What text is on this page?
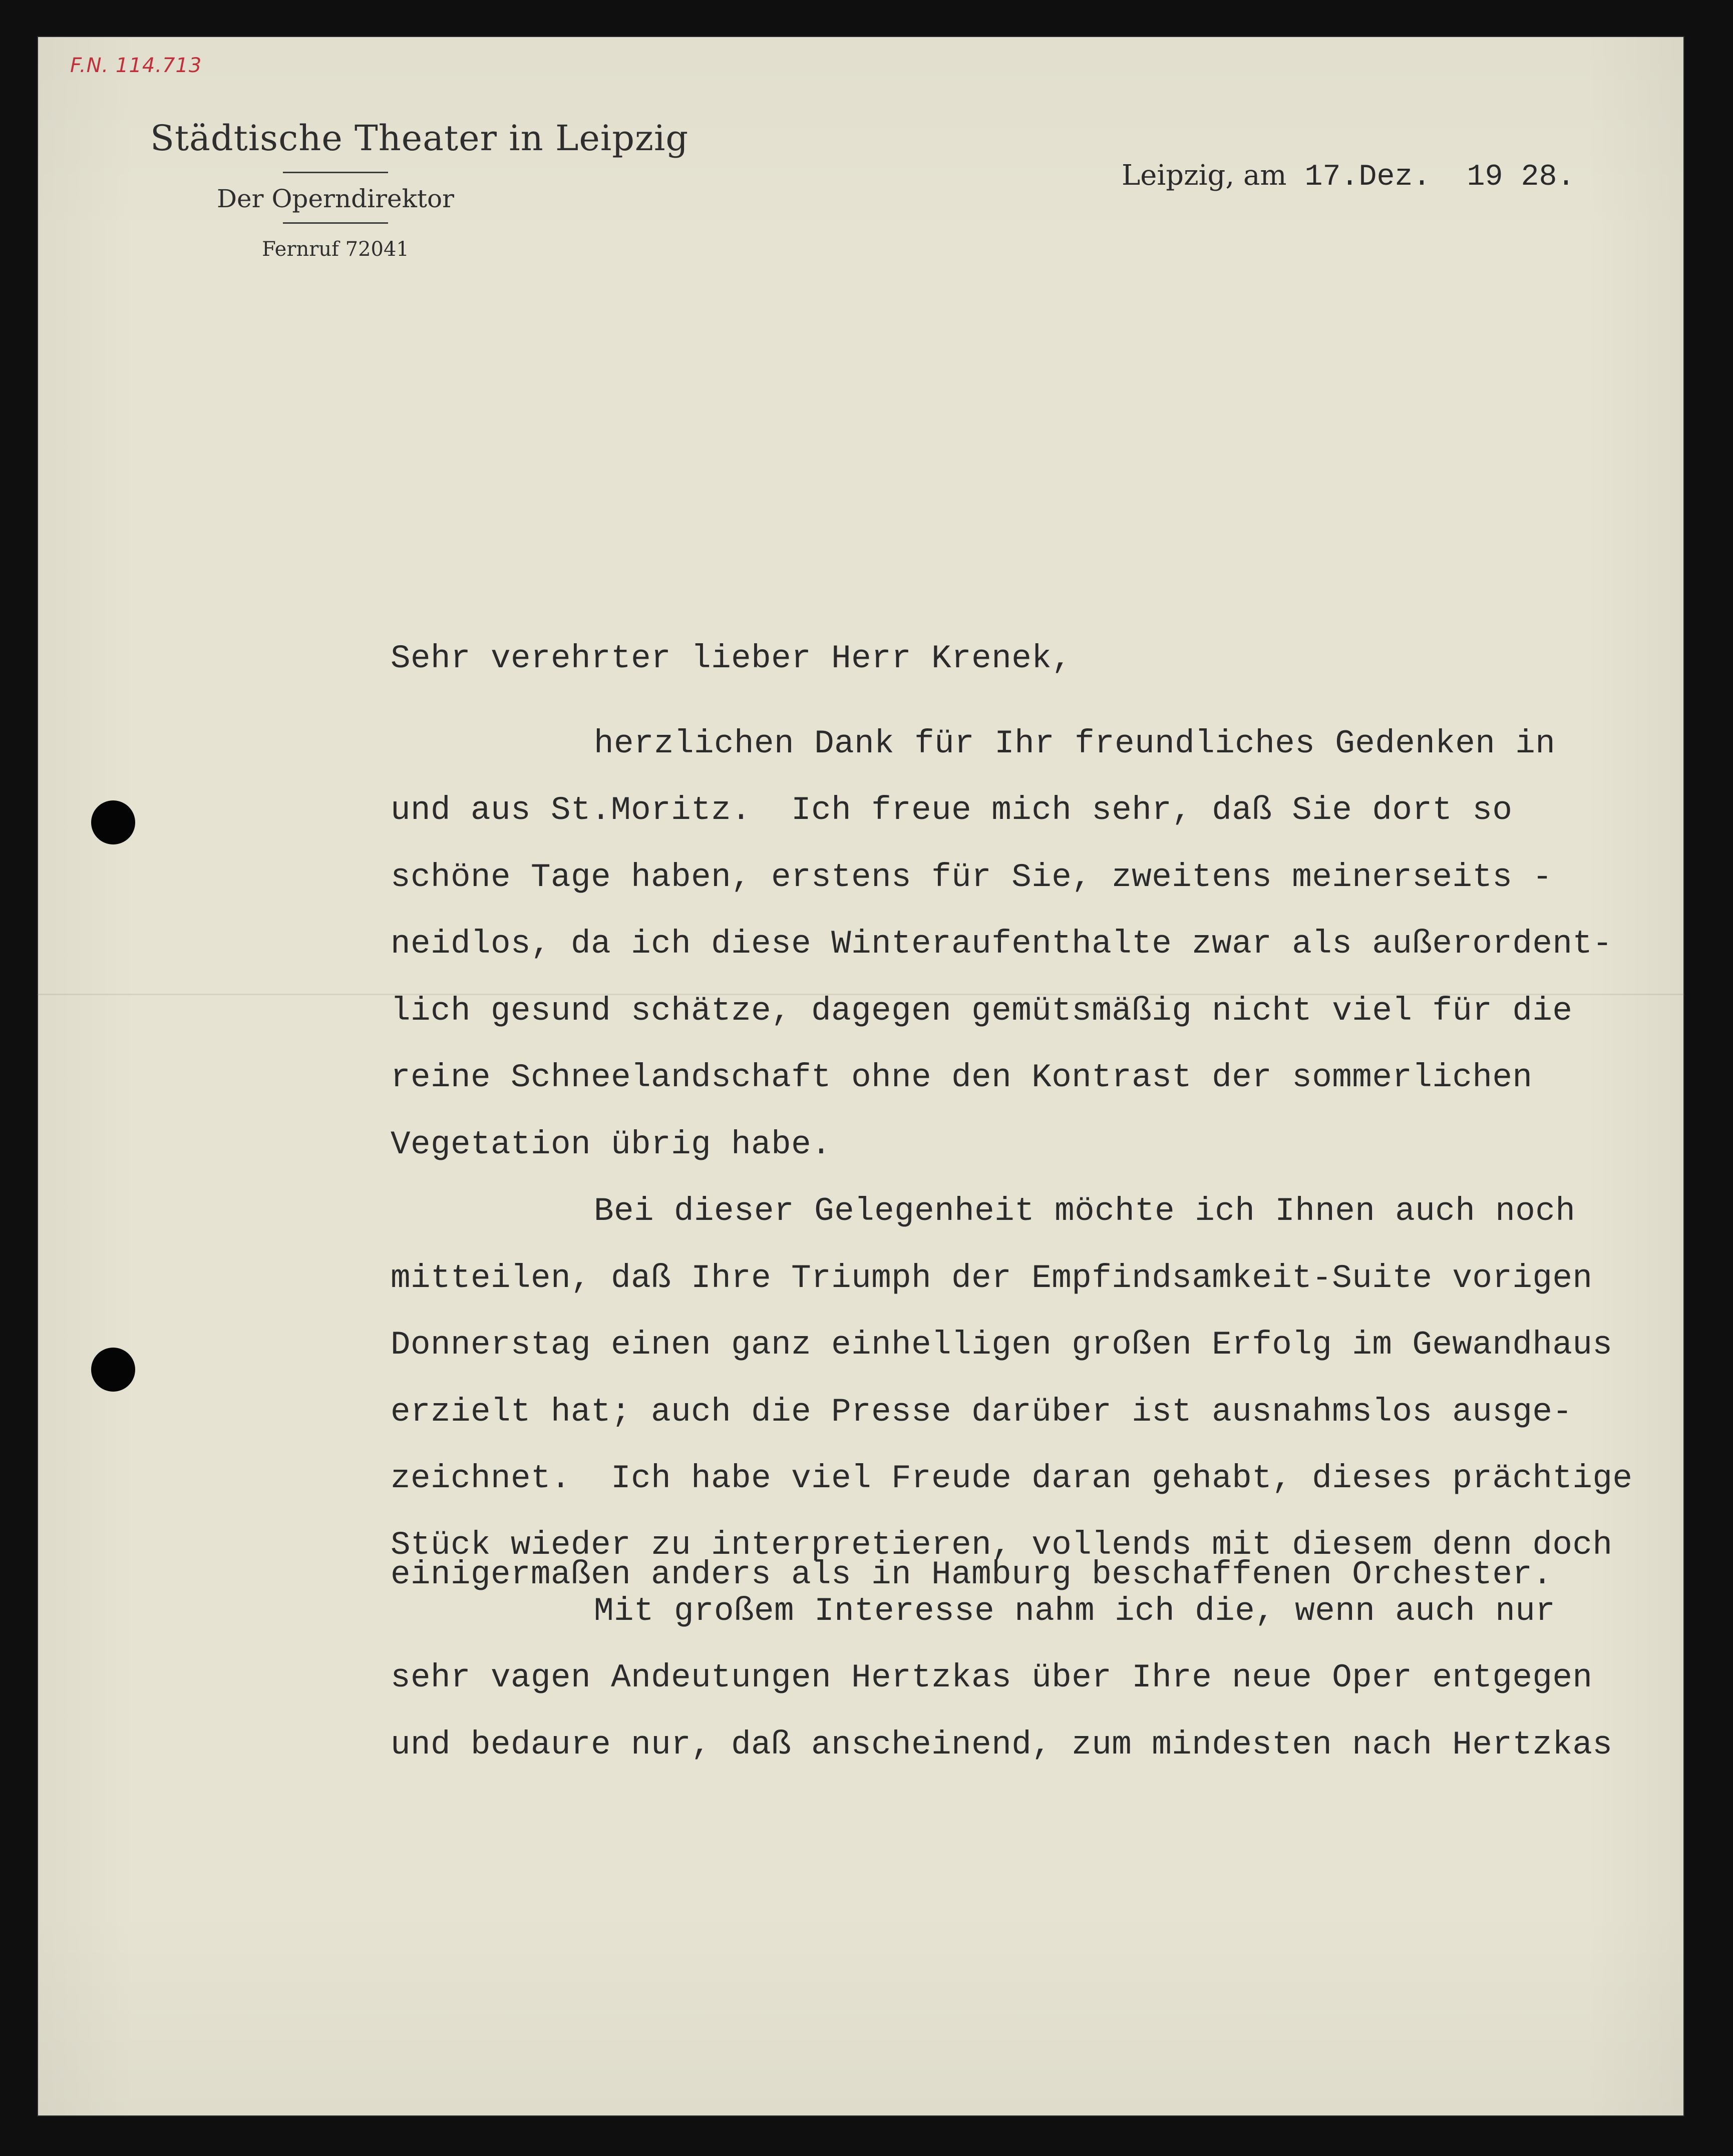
F.N. 114.713
Städtische Theater in Leipzig
Der Operndirektor
Fernruf 72041
Leipzig, am 17.Dez. 19 28.
Sehr verehrter lieber Herr Krenek,
herzlichen Dank für Ihr freundliches Gedenken in
und aus St.Moritz.  Ich freue mich sehr, daß Sie dort so
schöne Tage haben, erstens für Sie, zweitens meinerseits -
neidlos, da ich diese Winteraufenthalte zwar als außerordent-
lich gesund schätze, dagegen gemütsmäßig nicht viel für die
reine Schneelandschaft ohne den Kontrast der sommerlichen
Vegetation übrig habe.
Bei dieser Gelegenheit möchte ich Ihnen auch noch
mitteilen, daß Ihre Triumph der Empfindsamkeit-Suite vorigen
Donnerstag einen ganz einhelligen großen Erfolg im Gewandhaus
erzielt hat; auch die Presse darüber ist ausnahmslos ausge-
zeichnet.  Ich habe viel Freude daran gehabt, dieses prächtige
Stück wieder zu interpretieren, vollends mit diesem denn doch
einigermaßen anders als in Hamburg beschaffenen Orchester.
Mit großem Interesse nahm ich die, wenn auch nur
sehr vagen Andeutungen Hertzkas über Ihre neue Oper entgegen
und bedaure nur, daß anscheinend, zum mindesten nach Hertzkas
